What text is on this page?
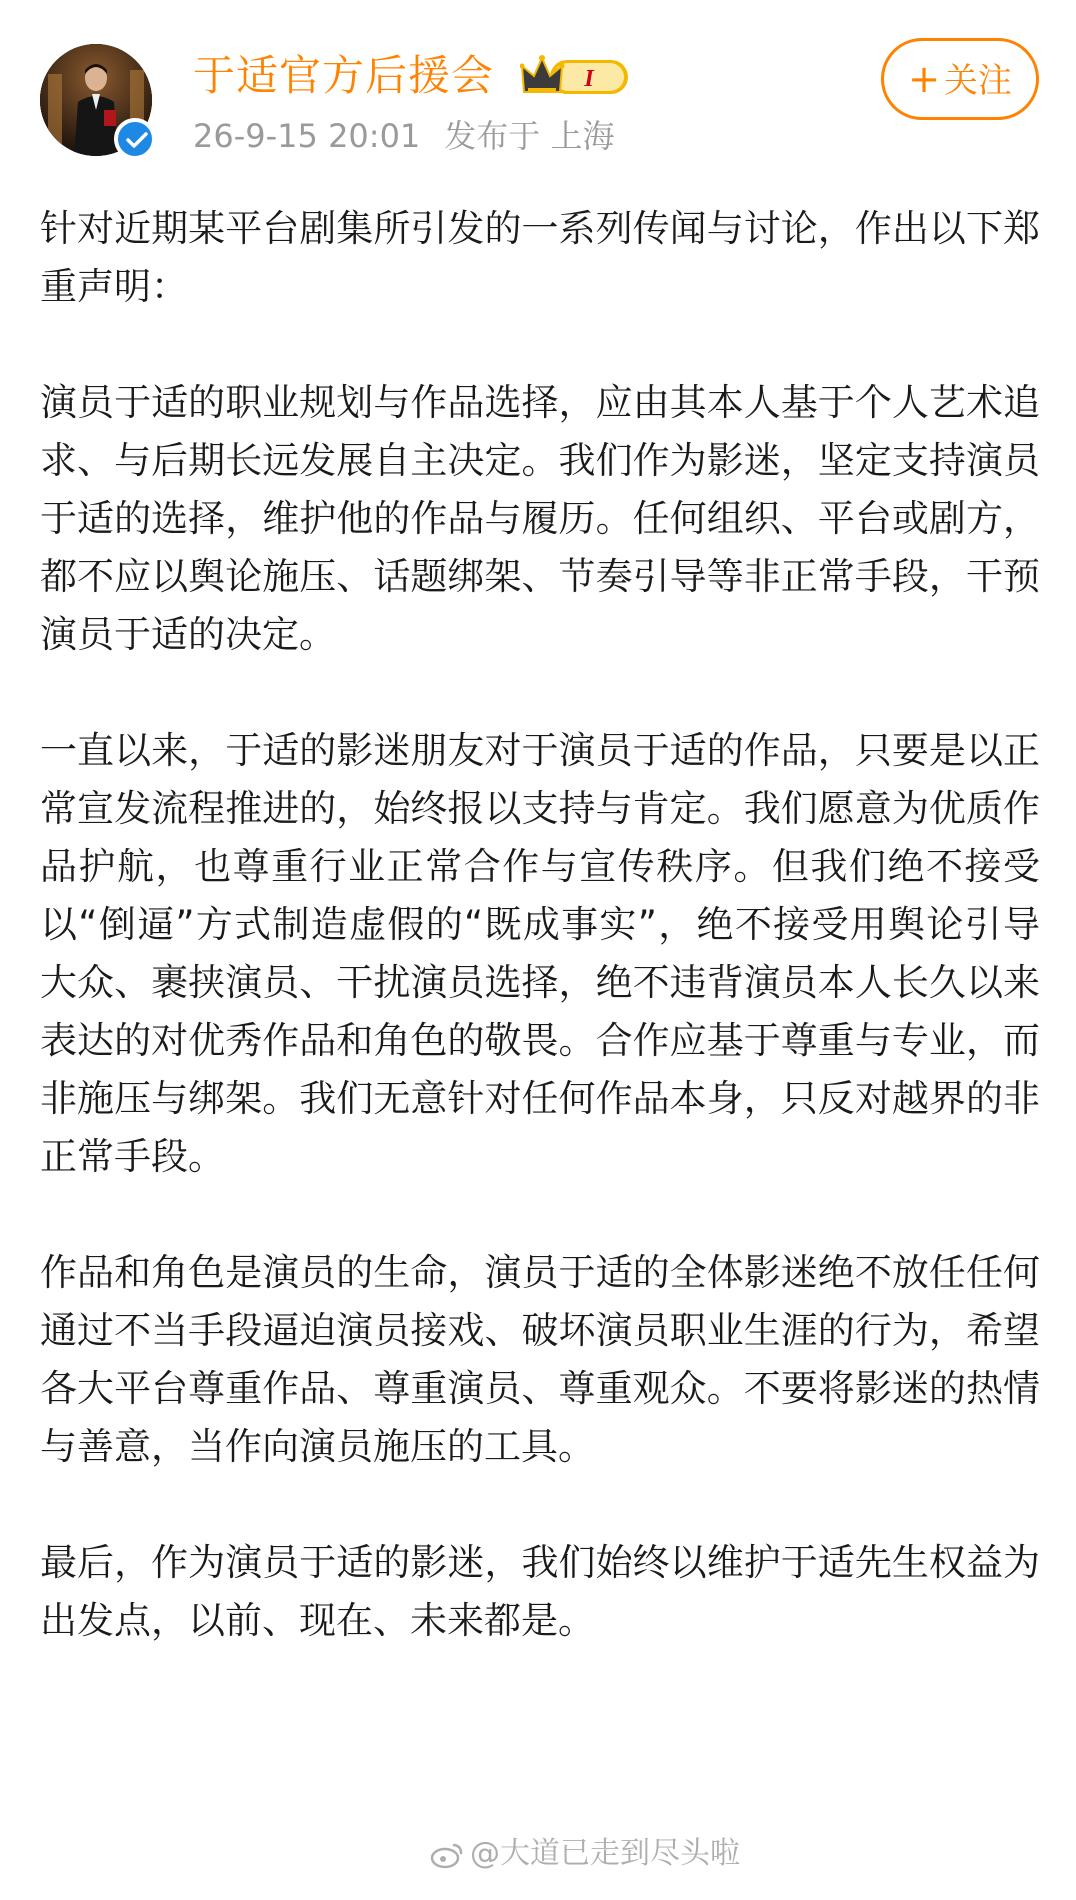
于适官方后援会	I
26-9-15 20:01 发布于 上海
+ 关注

针对近期某平台剧集所引发的一系列传闻与讨论，作出以下郑重声明：

演员于适的职业规划与作品选择，应由其本人基于个人艺术追求、与后期长远发展自主决定。我们作为影迷，坚定支持演员于适的选择，维护他的作品与履历。任何组织、平台或剧方，都不应以舆论施压、话题绑架、节奏引导等非正常手段，干预演员于适的决定。

一直以来，于适的影迷朋友对于演员于适的作品，只要是以正常宣发流程推进的，始终报以支持与肯定。我们愿意为优质作品护航，也尊重行业正常合作与宣传秩序。但我们绝不接受以“倒逼”方式制造虚假的“既成事实”，绝不接受用舆论引导大众、裹挟演员、干扰演员选择，绝不违背演员本人长久以来表达的对优秀作品和角色的敬畏。合作应基于尊重与专业，而非施压与绑架。我们无意针对任何作品本身，只反对越界的非正常手段。

作品和角色是演员的生命，演员于适的全体影迷绝不放任任何通过不当手段逼迫演员接戏、破坏演员职业生涯的行为，希望各大平台尊重作品、尊重演员、尊重观众。不要将影迷的热情与善意，当作向演员施压的工具。

最后，作为演员于适的影迷，我们始终以维护于适先生权益为出发点，以前、现在、未来都是。

@大道已走到尽头啦
